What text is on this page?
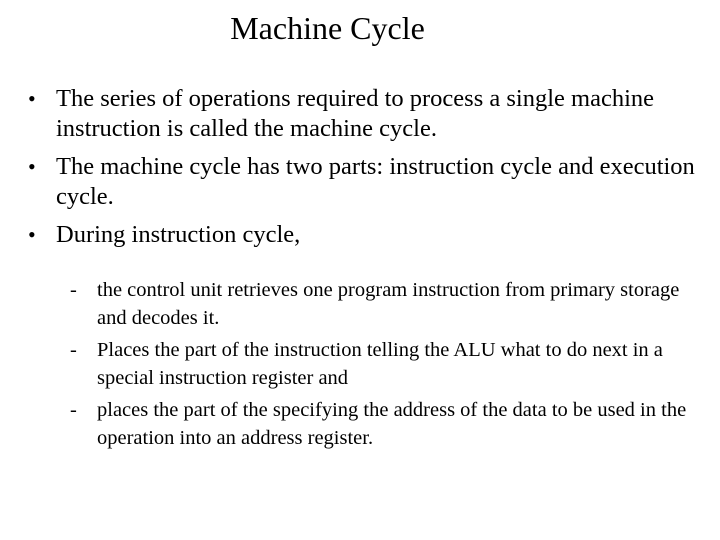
Machine Cycle
• The series of operations required to process a single machine instruction is called the machine cycle.
• The machine cycle has two parts: instruction cycle and execution cycle.
• During instruction cycle,
- the control unit retrieves one program instruction from primary storage and decodes it.
- Places the part of the instruction telling the ALU what to do next in a special instruction register and
- places the part of the specifying the address of the data to be used in the operation into an address register.
